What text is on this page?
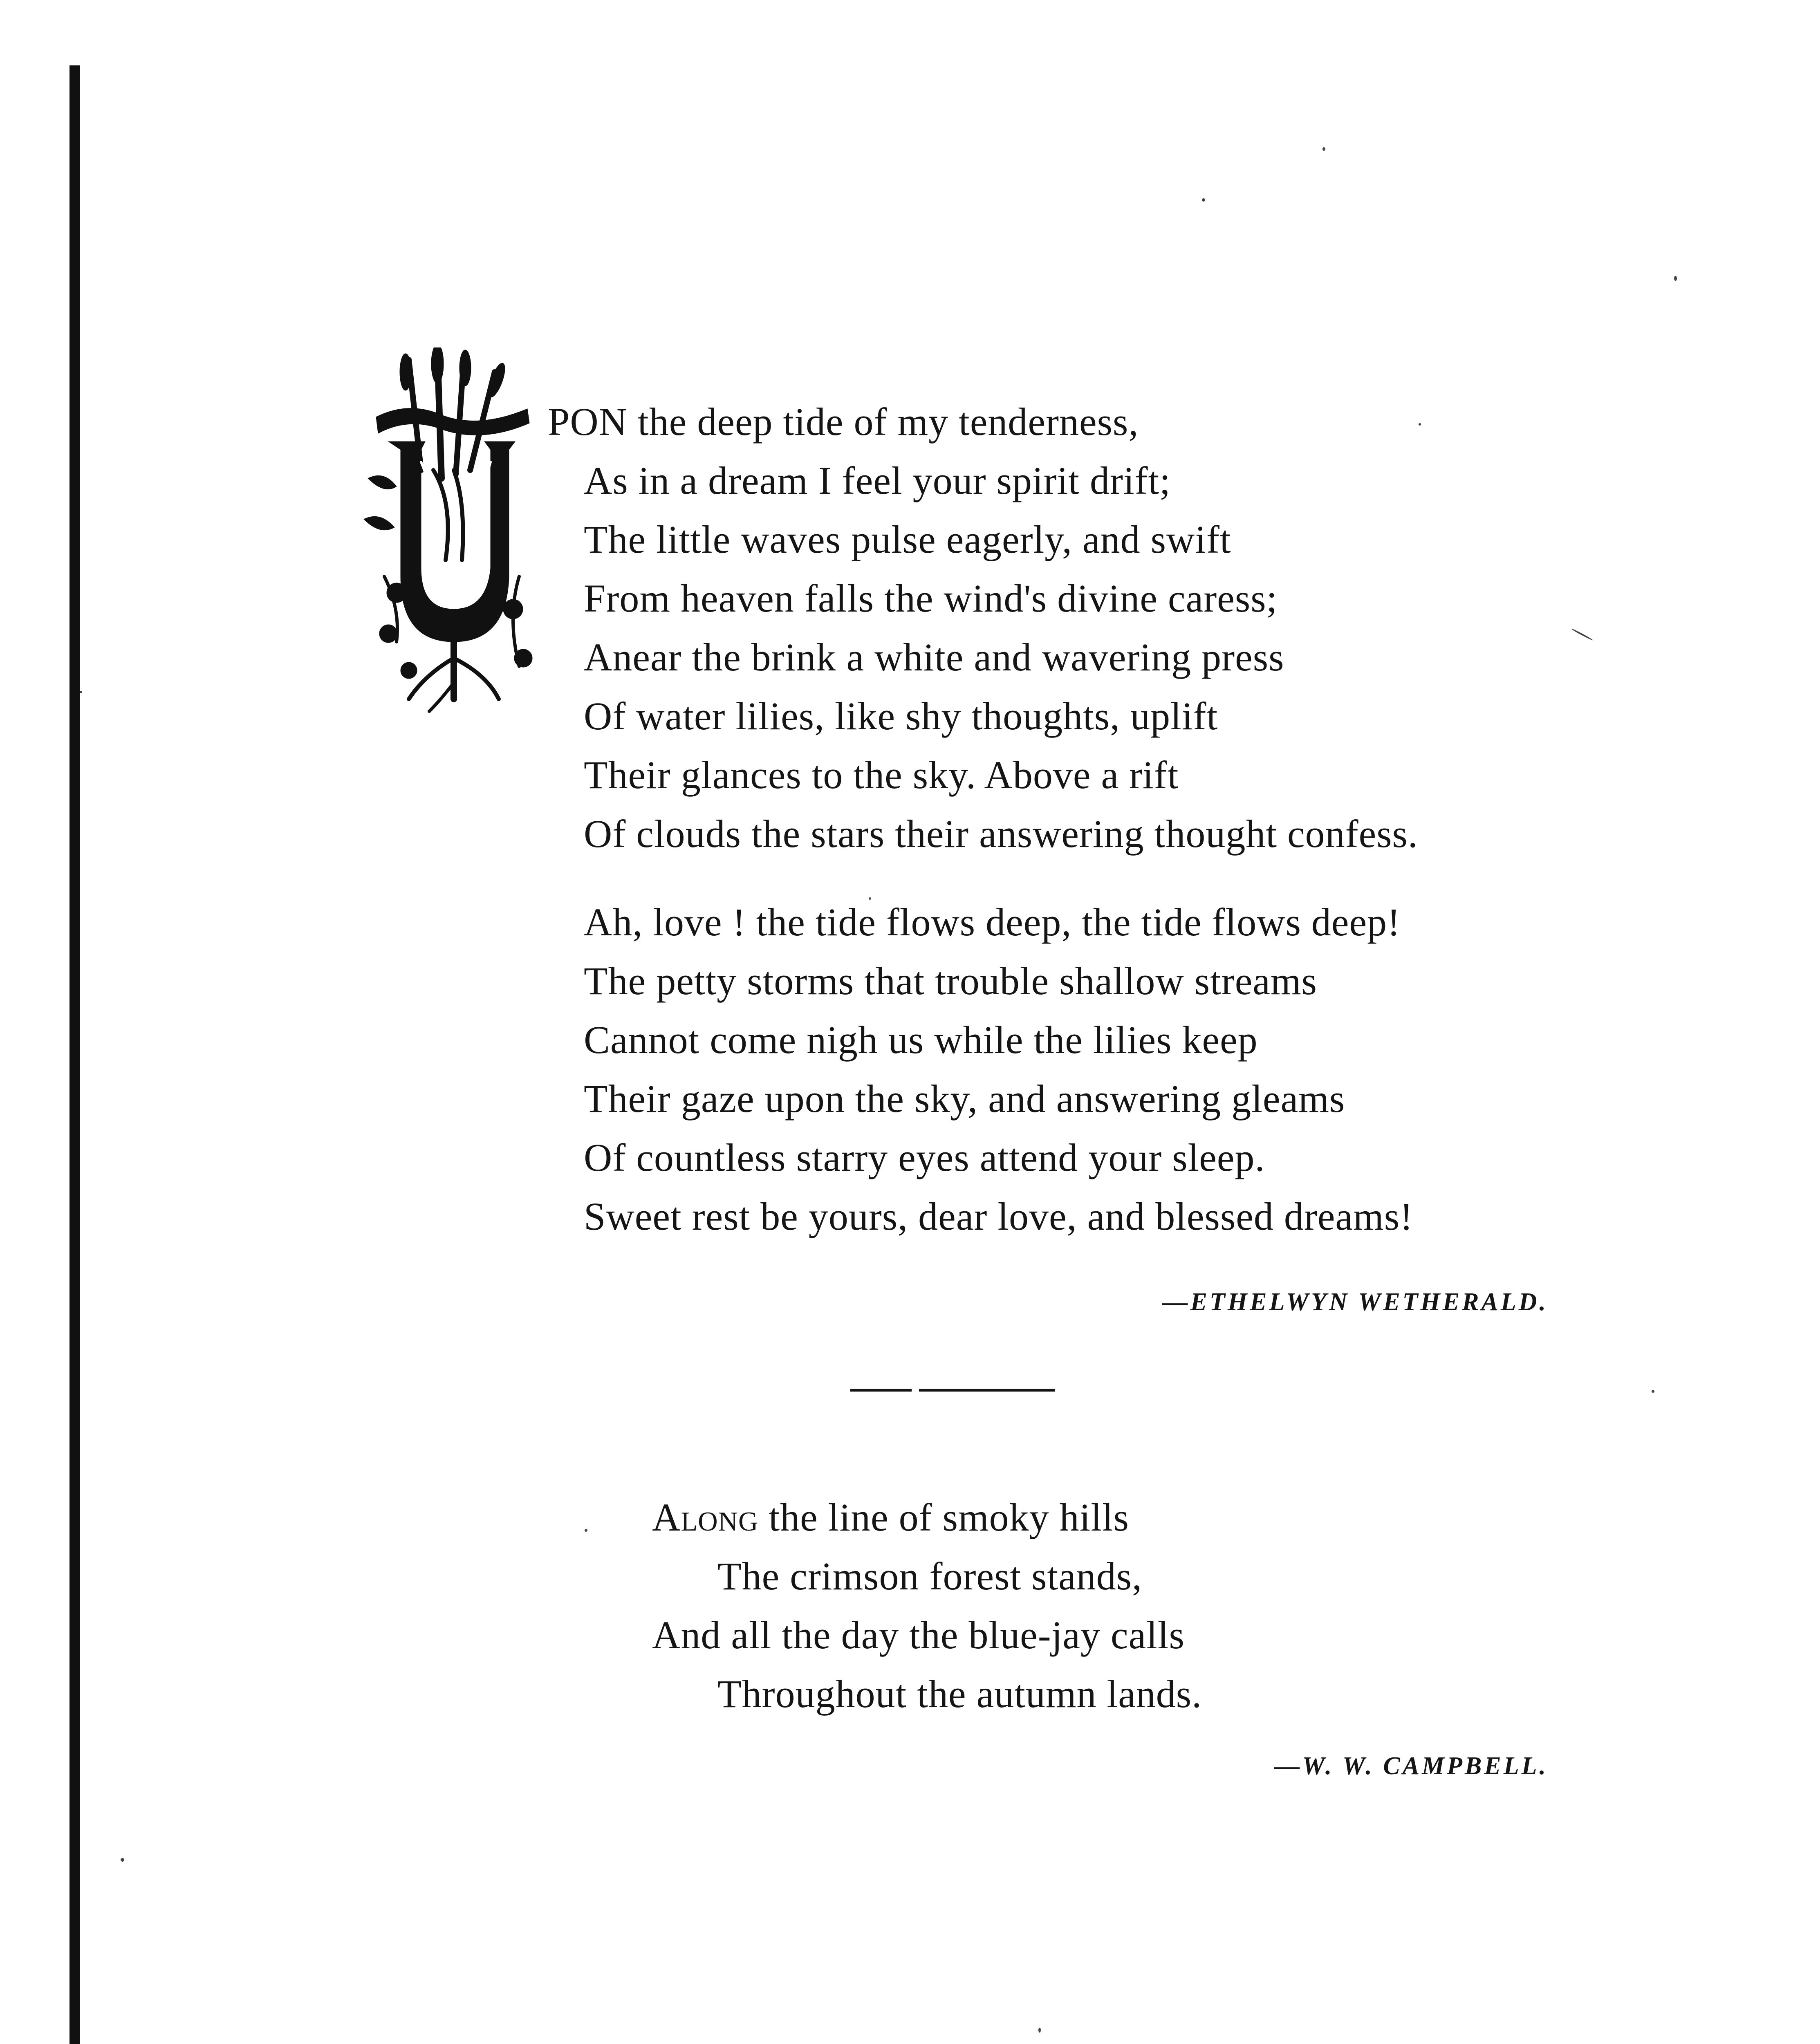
PON the deep tide of my tenderness,
As in a dream I feel your spirit drift;
The little waves pulse eagerly, and swift
From heaven falls the wind's divine caress;
Anear the brink a white and wavering press
Of water lilies, like shy thoughts, uplift
Their glances to the sky. Above a rift
Of clouds the stars their answering thought confess.
Ah, love ! the tide flows deep, the tide flows deep!
The petty storms that trouble shallow streams
Cannot come nigh us while the lilies keep
Their gaze upon the sky, and answering gleams
Of countless starry eyes attend your sleep.
Sweet rest be yours, dear love, and blessed dreams!
—ETHELWYN WETHERALD.
Along the line of smoky hills
The crimson forest stands,
And all the day the blue-jay calls
Throughout the autumn lands.
—W. W. CAMPBELL.
